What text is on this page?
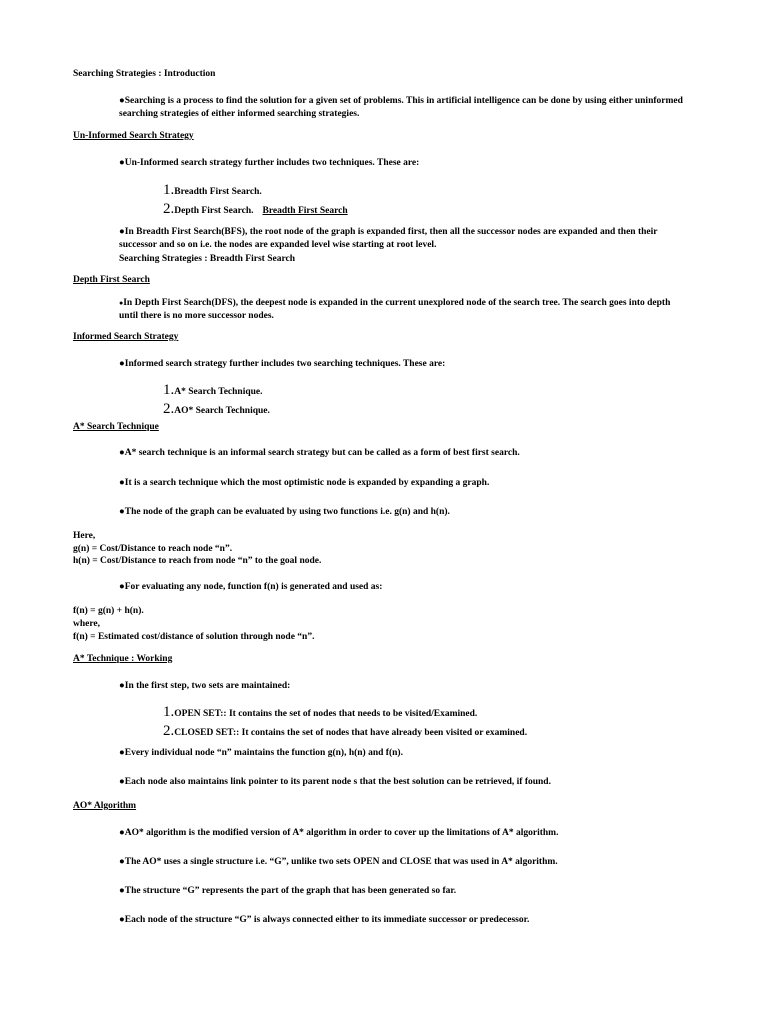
Searching Strategies : Introduction
●Searching is a process to find the solution for a given set of problems. This in artificial intelligence can be done by using either uninformed searching strategies of either informed searching strategies.
Un-Informed Search Strategy
●Un-Informed search strategy further includes two techniques. These are:
1.Breadth First Search.
2.Depth First Search. Breadth First Search
●In Breadth First Search(BFS), the root node of the graph is expanded first, then all the successor nodes are expanded and then their successor and so on i.e. the nodes are expanded level wise starting at root level.
Searching Strategies : Breadth First Search
Depth First Search
●In Depth First Search(DFS), the deepest node is expanded in the current unexplored node of the search tree. The search goes into depth until there is no more successor nodes.
Informed Search Strategy
●Informed search strategy further includes two searching techniques. These are:
1.A* Search Technique.
2.AO* Search Technique.
A* Search Technique
●A* search technique is an informal search strategy but can be called as a form of best first search.
●It is a search technique which the most optimistic node is expanded by expanding a graph.
●The node of the graph can be evaluated by using two functions i.e. g(n) and h(n).
Here,
g(n) = Cost/Distance to reach node “n”.
h(n) = Cost/Distance to reach from node “n” to the goal node.
●For evaluating any node, function f(n) is generated and used as:
f(n) = g(n) + h(n).
where,
f(n) = Estimated cost/distance of solution through node “n”.
A* Technique : Working
●In the first step, two sets are maintained:
1.OPEN SET:: It contains the set of nodes that needs to be visited/Examined.
2.CLOSED SET:: It contains the set of nodes that have already been visited or examined.
●Every individual node “n” maintains the function g(n), h(n) and f(n).
●Each node also maintains link pointer to its parent node s that the best solution can be retrieved, if found.
AO* Algorithm
●AO* algorithm is the modified version of A* algorithm in order to cover up the limitations of A* algorithm.
●The AO* uses a single structure i.e. “G”, unlike two sets OPEN and CLOSE that was used in A* algorithm.
●The structure “G” represents the part of the graph that has been generated so far.
●Each node of the structure “G” is always connected either to its immediate successor or predecessor.
